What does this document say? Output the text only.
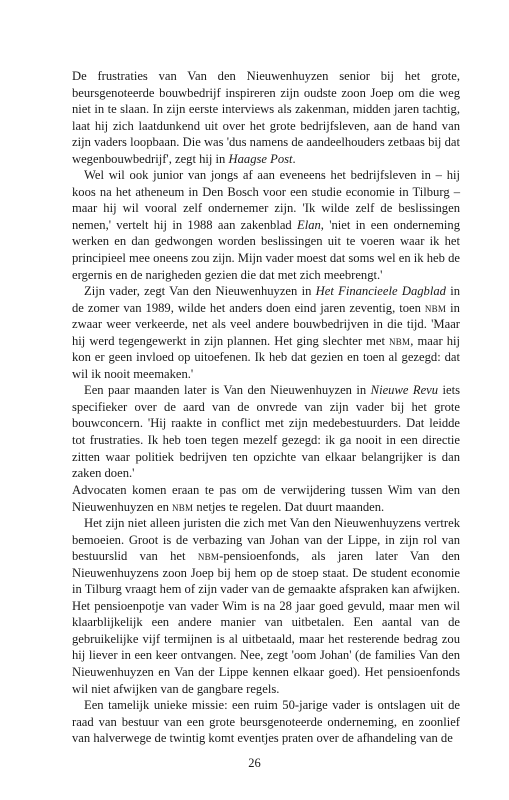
De frustraties van Van den Nieuwenhuyzen senior bij het grote, beursgenoteerde bouwbedrijf inspireren zijn oudste zoon Joep om die weg niet in te slaan. In zijn eerste interviews als zakenman, midden jaren tachtig, laat hij zich laatdunkend uit over het grote bedrijfsleven, aan de hand van zijn vaders loopbaan. Die was 'dus namens de aandeelhouders zetbaas bij dat wegenbouwbedrijf', zegt hij in Haagse Post.

Wel wil ook junior van jongs af aan eveneens het bedrijfsleven in – hij koos na het atheneum in Den Bosch voor een studie economie in Tilburg – maar hij wil vooral zelf ondernemer zijn. 'Ik wilde zelf de beslissingen nemen,' vertelt hij in 1988 aan zakenblad Elan, 'niet in een onderneming werken en dan gedwongen worden beslissingen uit te voeren waar ik het principieel mee oneens zou zijn. Mijn vader moest dat soms wel en ik heb de ergernis en de narigheden gezien die dat met zich meebrengt.'

Zijn vader, zegt Van den Nieuwenhuyzen in Het Financieele Dagblad in de zomer van 1989, wilde het anders doen eind jaren zeventig, toen nbm in zwaar weer verkeerde, net als veel andere bouwbedrijven in die tijd. 'Maar hij werd tegengewerkt in zijn plannen. Het ging slechter met nbm, maar hij kon er geen invloed op uitoefenen. Ik heb dat gezien en toen al gezegd: dat wil ik nooit meemaken.'

Een paar maanden later is Van den Nieuwenhuyzen in Nieuwe Revu iets specifieker over de aard van de onvrede van zijn vader bij het grote bouwconcern. 'Hij raakte in conflict met zijn medebestuurders. Dat leidde tot frustraties. Ik heb toen tegen mezelf gezegd: ik ga nooit in een directie zitten waar politiek bedrijven ten opzichte van elkaar belangrijker is dan zaken doen.'

Advocaten komen eraan te pas om de verwijdering tussen Wim van den Nieuwenhuyzen en nbm netjes te regelen. Dat duurt maanden.

Het zijn niet alleen juristen die zich met Van den Nieuwenhuyzens vertrek bemoeien. Groot is de verbazing van Johan van der Lippe, in zijn rol van bestuurslid van het nbm-pensioenfonds, als jaren later Van den Nieuwenhuyzens zoon Joep bij hem op de stoep staat. De student economie in Tilburg vraagt hem of zijn vader van de gemaakte afspraken kan afwijken. Het pensioenpotje van vader Wim is na 28 jaar goed gevuld, maar men wil klaarblijkelijk een andere manier van uitbetalen. Een aantal van de gebruikelijke vijf termijnen is al uitbetaald, maar het resterende bedrag zou hij liever in een keer ontvangen. Nee, zegt 'oom Johan' (de families Van den Nieuwenhuyzen en Van der Lippe kennen elkaar goed). Het pensioenfonds wil niet afwijken van de gangbare regels.

Een tamelijk unieke missie: een ruim 50-jarige vader is ontslagen uit de raad van bestuur van een grote beursgenoteerde onderneming, en zoonlief van halverwege de twintig komt eventjes praten over de afhandeling van de

26
